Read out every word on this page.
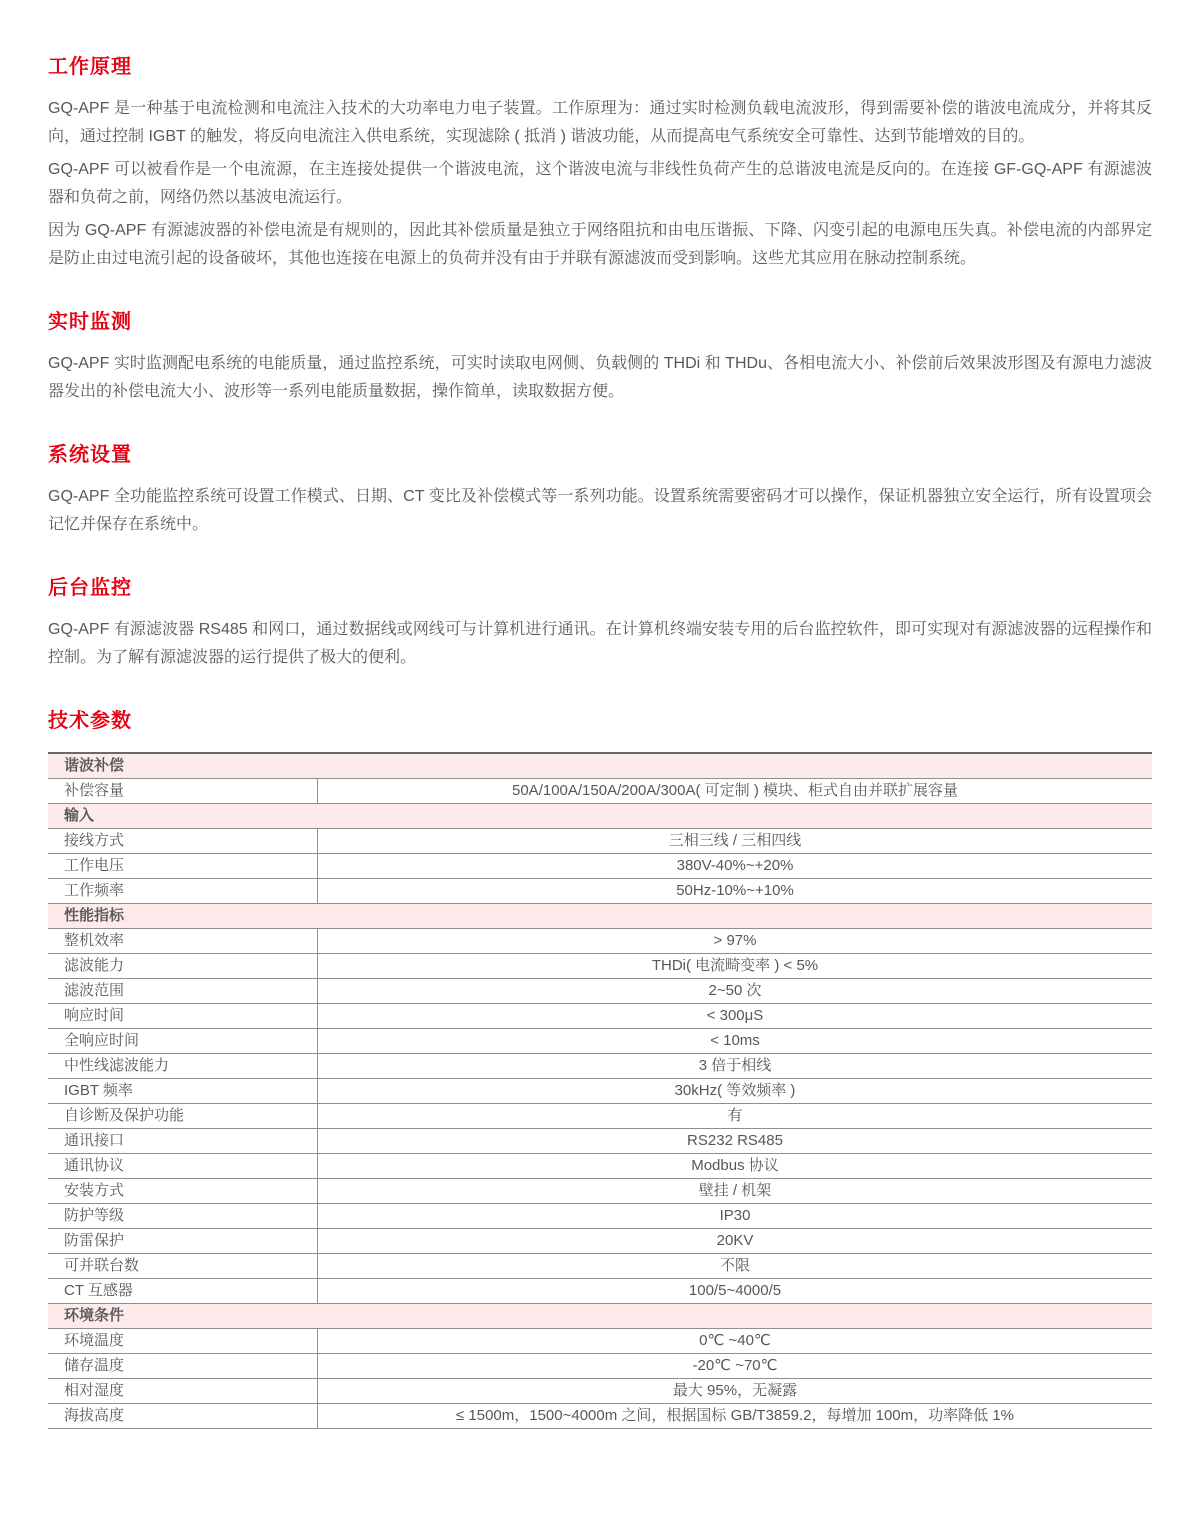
工作原理

GQ-APF 是一种基于电流检测和电流注入技术的大功率电力电子装置。工作原理为：通过实时检测负载电流波形，得到需要补偿的谐波电流成分，并将其反向，通过控制 IGBT 的触发，将反向电流注入供电系统，实现滤除 ( 抵消 ) 谐波功能，从而提高电气系统安全可靠性、达到节能增效的目的。

GQ-APF 可以被看作是一个电流源，在主连接处提供一个谐波电流，这个谐波电流与非线性负荷产生的总谐波电流是反向的。在连接 GF-GQ-APF 有源滤波器和负荷之前，网络仍然以基波电流运行。

因为 GQ-APF 有源滤波器的补偿电流是有规则的，因此其补偿质量是独立于网络阻抗和由电压谐振、下降、闪变引起的电源电压失真。补偿电流的内部界定是防止由过电流引起的设备破坏，其他也连接在电源上的负荷并没有由于并联有源滤波而受到影响。这些尤其应用在脉动控制系统。

实时监测

GQ-APF 实时监测配电系统的电能质量，通过监控系统，可实时读取电网侧、负载侧的 THDi 和 THDu、各相电流大小、补偿前后效果波形图及有源电力滤波器发出的补偿电流大小、波形等一系列电能质量数据，操作简单，读取数据方便。

系统设置

GQ-APF 全功能监控系统可设置工作模式、日期、CT 变比及补偿模式等一系列功能。设置系统需要密码才可以操作，保证机器独立安全运行，所有设置项会记忆并保存在系统中。

后台监控

GQ-APF 有源滤波器 RS485 和网口，通过数据线或网线可与计算机进行通讯。在计算机终端安装专用的后台监控软件，即可实现对有源滤波器的远程操作和控制。为了解有源滤波器的运行提供了极大的便利。

技术参数
谐波补偿
补偿容量	50A/100A/150A/200A/300A( 可定制 ) 模块、柜式自由并联扩展容量
输入
接线方式	三相三线 / 三相四线
工作电压	380V-40%~+20%
工作频率	50Hz-10%~+10%
性能指标
整机效率	> 97%
滤波能力	THDi( 电流畸变率 ) < 5%
滤波范围	2~50 次
响应时间	< 300μS
全响应时间	< 10ms
中性线滤波能力	3 倍于相线
IGBT 频率	30kHz( 等效频率 )
自诊断及保护功能	有
通讯接口	RS232 RS485
通讯协议	Modbus 协议
安装方式	壁挂 / 机架
防护等级	IP30
防雷保护	20KV
可并联台数	不限
CT 互感器	100/5~4000/5
环境条件
环境温度	0℃ ~40℃
储存温度	-20℃ ~70℃
相对湿度	最大 95%，无凝露
海拔高度	≤ 1500m，1500~4000m 之间，根据国标 GB/T3859.2，每增加 100m，功率降低 1%
